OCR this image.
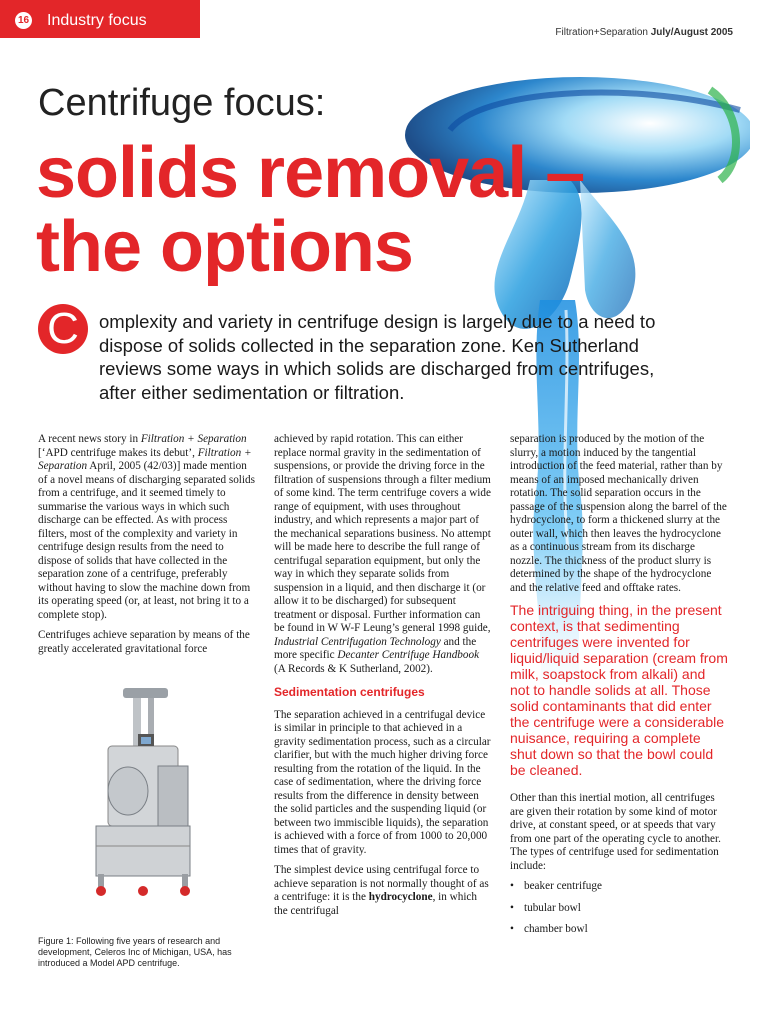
16 Industry focus
Filtration+Separation July/August 2005
Centrifuge focus:
solids removal –
the options
C	omplexity and variety in centrifuge design is largely due to a need to dispose of solids collected in the separation zone. Ken Sutherland reviews some ways in which solids are discharged from centrifuges, after either sedimentation or filtration.

A recent news story in Filtration + Separation [‘APD centrifuge makes its debut’, Filtration + Separation April, 2005 (42/03)] made mention of a novel means of discharging separated solids from a centrifuge, and it seemed timely to summarise the various ways in which such discharge can be effected. As with process filters, most of the complexity and variety in centrifuge design results from the need to dispose of solids that have collected in the separation zone of a centrifuge, preferably without having to slow the machine down from its operating speed (or, at least, not bring it to a complete stop).

Centrifuges achieve separation by means of the greatly accelerated gravitational force

Figure 1: Following five years of research and development, Celeros Inc of Michigan, USA, has introduced a Model APD centrifuge.

achieved by rapid rotation. This can either replace normal gravity in the sedimentation of suspensions, or provide the driving force in the filtration of suspensions through a filter medium of some kind. The term centrifuge covers a wide range of equipment, with uses throughout industry, and which represents a major part of the mechanical separations business. No attempt will be made here to describe the full range of centrifugal separation equipment, but only the way in which they separate solids from suspension in a liquid, and then discharge it (or allow it to be discharged) for subsequent treatment or disposal. Further information can be found in W W-F Leung’s general 1998 guide, Industrial Centrifugation Technology and the more specific Decanter Centrifuge Handbook (A Records & K Sutherland, 2002).

Sedimentation centrifuges

The separation achieved in a centrifugal device is similar in principle to that achieved in a gravity sedimentation process, such as a circular clarifier, but with the much higher driving force resulting from the rotation of the liquid. In the case of sedimentation, where the driving force results from the difference in density between the solid particles and the suspending liquid (or between two immiscible liquids), the separation is achieved with a force of from 1000 to 20,000 times that of gravity.

The simplest device using centrifugal force to achieve separation is not normally thought of as a centrifuge: it is the hydrocyclone, in which the centrifugal

separation is produced by the motion of the slurry, a motion induced by the tangential introduction of the feed material, rather than by means of an imposed mechanically driven rotation. The solid separation occurs in the passage of the suspension along the barrel of the hydrocyclone, to form a thickened slurry at the outer wall, which then leaves the hydrocyclone as a continuous stream from its discharge nozzle. The thickness of the product slurry is determined by the shape of the hydrocyclone and the relative feed and offtake rates.

The intriguing thing, in the present context, is that sedimenting centrifuges were invented for liquid/liquid separation (cream from milk, soapstock from alkali) and not to handle solids at all. Those solid contaminants that did enter the centrifuge were a considerable nuisance, requiring a complete shut down so that the bowl could be cleaned.

Other than this inertial motion, all centrifuges are given their rotation by some kind of motor drive, at constant speed, or at speeds that vary from one part of the operating cycle to another. The types of centrifuge used for sedimentation include:

• beaker centrifuge
• tubular bowl
• chamber bowl
